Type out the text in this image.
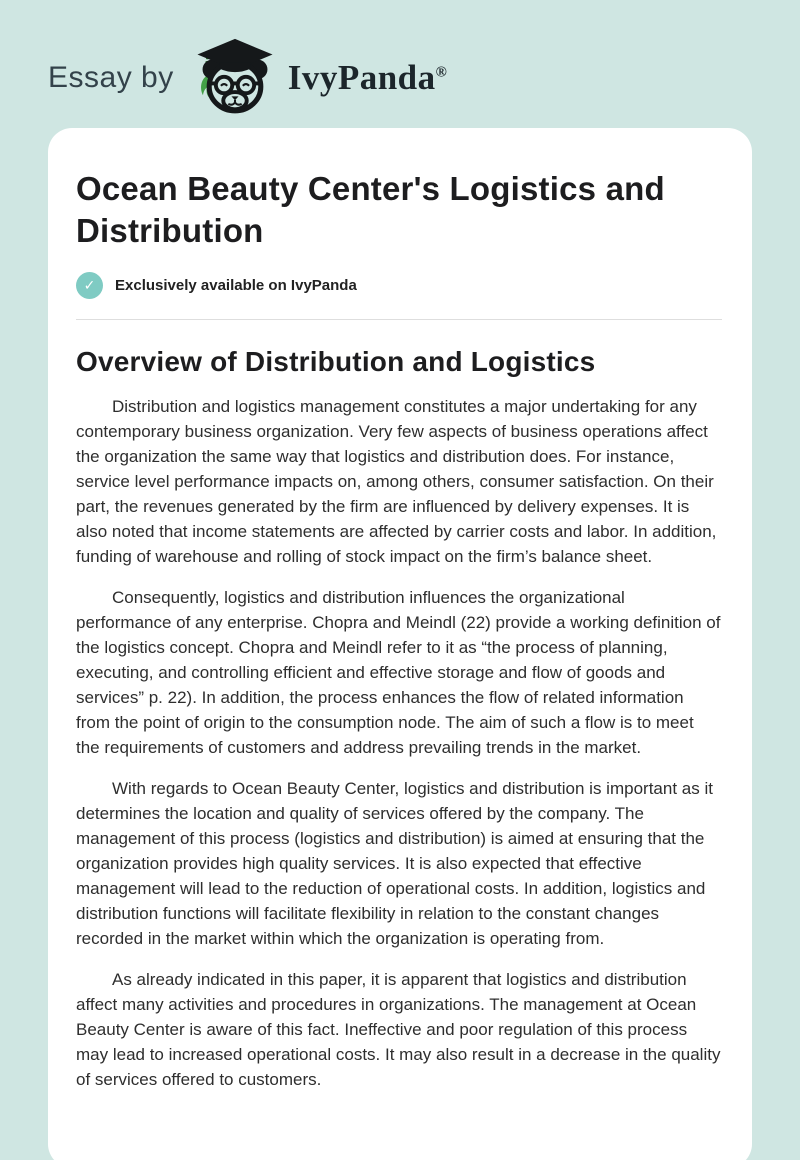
Essay by	IvyPanda®
Ocean Beauty Center's Logistics and Distribution
✓	Exclusively available on IvyPanda
Overview of Distribution and Logistics

Distribution and logistics management constitutes a major undertaking for any contemporary business organization. Very few aspects of business operations affect the organization the same way that logistics and distribution does. For instance, service level performance impacts on, among others, consumer satisfaction. On their part, the revenues generated by the firm are influenced by delivery expenses. It is also noted that income statements are affected by carrier costs and labor. In addition, funding of warehouse and rolling of stock impact on the firm’s balance sheet.

Consequently, logistics and distribution influences the organizational performance of any enterprise. Chopra and Meindl (22) provide a working definition of the logistics concept. Chopra and Meindl refer to it as “the process of planning, executing, and controlling efficient and effective storage and flow of goods and services” p. 22). In addition, the process enhances the flow of related information from the point of origin to the consumption node. The aim of such a flow is to meet the requirements of customers and address prevailing trends in the market.

With regards to Ocean Beauty Center, logistics and distribution is important as it determines the location and quality of services offered by the company. The management of this process (logistics and distribution) is aimed at ensuring that the organization provides high quality services. It is also expected that effective management will lead to the reduction of operational costs. In addition, logistics and distribution functions will facilitate flexibility in relation to the constant changes recorded in the market within which the organization is operating from.

As already indicated in this paper, it is apparent that logistics and distribution affect many activities and procedures in organizations. The management at Ocean Beauty Center is aware of this fact. Ineffective and poor regulation of this process may lead to increased operational costs. It may also result in a decrease in the quality of services offered to customers.
